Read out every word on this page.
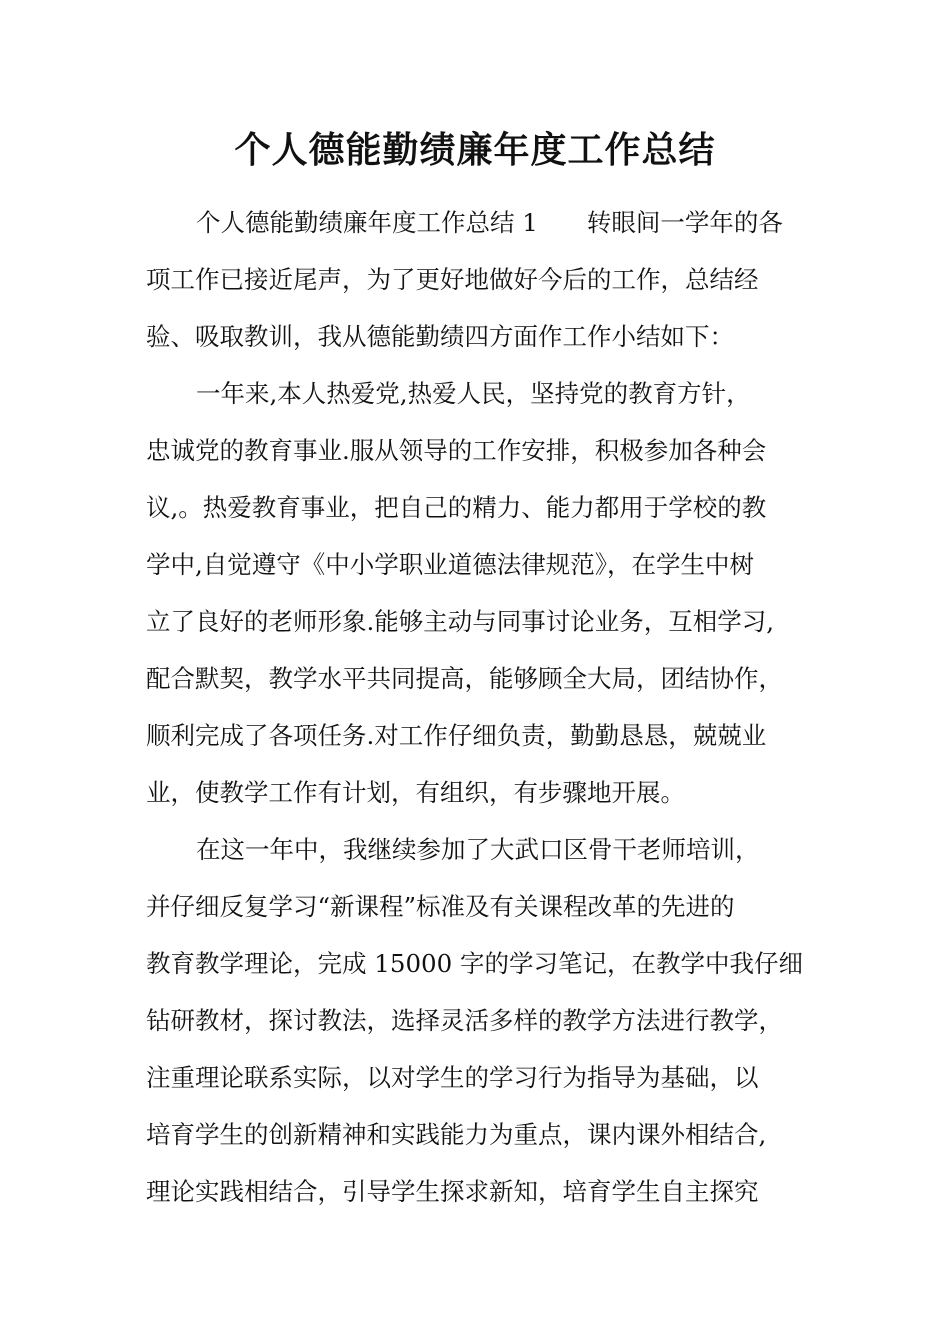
个人德能勤绩廉年度工作总结
个人德能勤绩廉年度工作总结 1　　转眼间一学年的各
项工作已接近尾声，为了更好地做好今后的工作，总结经
验、吸取教训，我从德能勤绩四方面作工作小结如下：
一年来,本人热爱党,热爱人民，坚持党的教育方针，
忠诚党的教育事业.服从领导的工作安排，积极参加各种会
议,。热爱教育事业，把自己的精力、能力都用于学校的教
学中,自觉遵守《中小学职业道德法律规范》，在学生中树
立了良好的老师形象.能够主动与同事讨论业务，互相学习,
配合默契，教学水平共同提高，能够顾全大局，团结协作，
顺利完成了各项任务.对工作仔细负责，勤勤恳恳，兢兢业
业，使教学工作有计划，有组织，有步骤地开展。
在这一年中，我继续参加了大武口区骨干老师培训，
并仔细反复学习“新课程”标准及有关课程改革的先进的
教育教学理论，完成 15000 字的学习笔记，在教学中我仔细
钻研教材，探讨教法，选择灵活多样的教学方法进行教学，
注重理论联系实际，以对学生的学习行为指导为基础，以
培育学生的创新精神和实践能力为重点，课内课外相结合,
理论实践相结合，引导学生探求新知，培育学生自主探究
